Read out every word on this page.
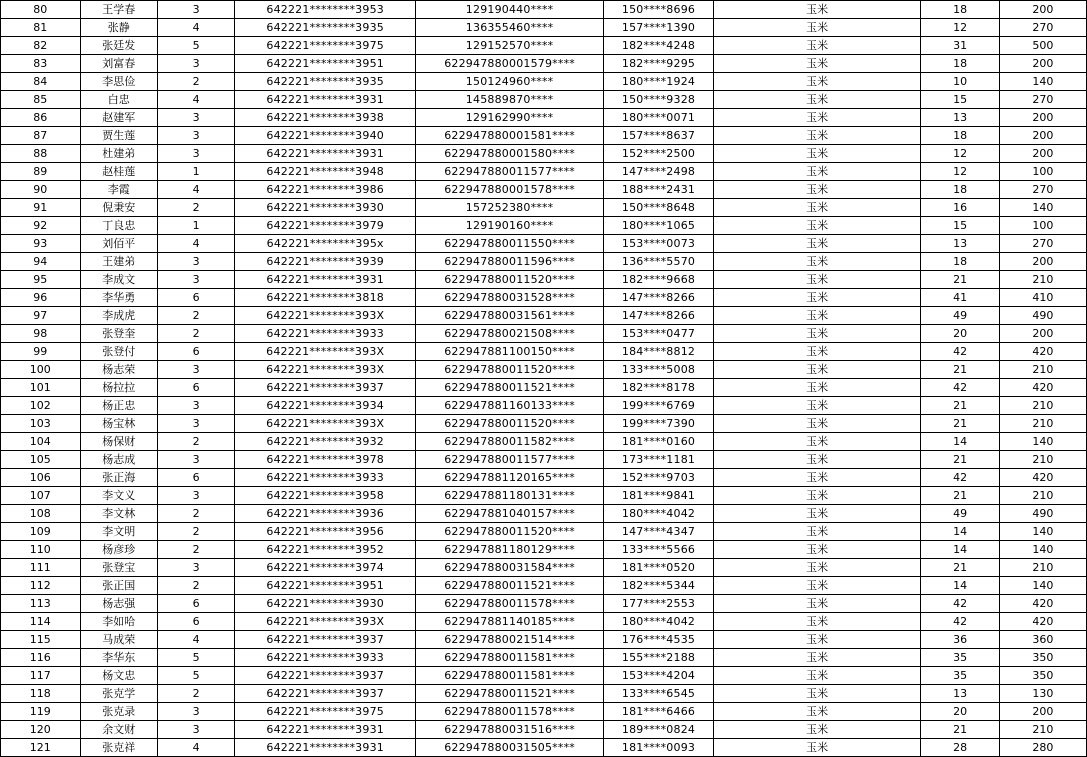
80	王学春	3	642221********3953	129190440****	150****8696	玉米	18	200
81	张静	4	642221********3935	136355460****	157****1390	玉米	12	270
82	张廷发	5	642221********3975	129152570****	182****4248	玉米	31	500
83	刘富春	3	642221********3951	622947880001579****	182****9295	玉米	18	200
84	李思俭	2	642221********3935	150124960****	180****1924	玉米	10	140
85	白忠	4	642221********3931	145889870****	150****9328	玉米	15	270
86	赵建军	3	642221********3938	129162990****	180****0071	玉米	13	200
87	贾生莲	3	642221********3940	622947880001581****	157****8637	玉米	18	200
88	杜建弟	3	642221********3931	622947880001580****	152****2500	玉米	12	200
89	赵桂莲	1	642221********3948	622947880011577****	147****2498	玉米	12	100
90	李霞	4	642221********3986	622947880001578****	188****2431	玉米	18	270
91	倪秉安	2	642221********3930	157252380****	150****8648	玉米	16	140
92	丁良忠	1	642221********3979	129190160****	180****1065	玉米	15	100
93	刘佰平	4	642221********395x	622947880011550****	153****0073	玉米	13	270
94	王建弟	3	642221********3939	622947880011596****	136****5570	玉米	18	200
95	李成文	3	642221********3931	622947880011520****	182****9668	玉米	21	210
96	李华勇	6	642221********3818	622947880031528****	147****8266	玉米	41	410
97	李成虎	2	642221********393X	622947880031561****	147****8266	玉米	49	490
98	张登奎	2	642221********3933	622947880021508****	153****0477	玉米	20	200
99	张登付	6	642221********393X	622947881100150****	184****8812	玉米	42	420
100	杨志荣	3	642221********393X	622947880011520****	133****5008	玉米	21	210
101	杨拉拉	6	642221********3937	622947880011521****	182****8178	玉米	42	420
102	杨正忠	3	642221********3934	622947881160133****	199****6769	玉米	21	210
103	杨宝林	3	642221********393X	622947880011520****	199****7390	玉米	21	210
104	杨保财	2	642221********3932	622947880011582****	181****0160	玉米	14	140
105	杨志成	3	642221********3978	622947880011577****	173****1181	玉米	21	210
106	张正海	6	642221********3933	622947881120165****	152****9703	玉米	42	420
107	李文义	3	642221********3958	622947881180131****	181****9841	玉米	21	210
108	李文林	2	642221********3936	622947881040157****	180****4042	玉米	49	490
109	李文明	2	642221********3956	622947880011520****	147****4347	玉米	14	140
110	杨彦珍	2	642221********3952	622947881180129****	133****5566	玉米	14	140
111	张登宝	3	642221********3974	622947880031584****	181****0520	玉米	21	210
112	张正国	2	642221********3951	622947880011521****	182****5344	玉米	14	140
113	杨志强	6	642221********3930	622947880011578****	177****2553	玉米	42	420
114	李如哈	6	642221********393X	622947881140185****	180****4042	玉米	42	420
115	马成荣	4	642221********3937	622947880021514****	176****4535	玉米	36	360
116	李华东	5	642221********3933	622947880011581****	155****2188	玉米	35	350
117	杨文忠	5	642221********3937	622947880011581****	153****4204	玉米	35	350
118	张克学	2	642221********3937	622947880011521****	133****6545	玉米	13	130
119	张克录	3	642221********3975	622947880011578****	181****6466	玉米	20	200
120	余文财	3	642221********3931	622947880031516****	189****0824	玉米	21	210
121	张克祥	4	642221********3931	622947880031505****	181****0093	玉米	28	280
